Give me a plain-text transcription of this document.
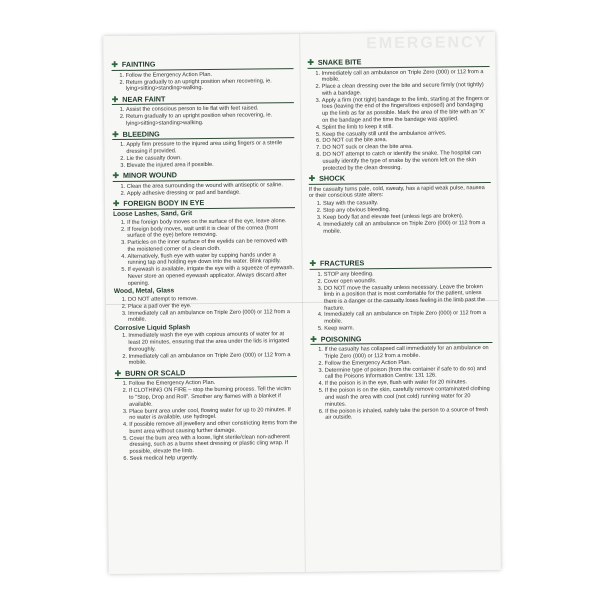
EMERGENCY
✚ FAINTING
1. Follow the Emergency Action Plan.
2. Return gradually to an upright position when recovering, ie. lying>sitting>standing>walking.
✚ NEAR FAINT
1. Assist the conscious person to lie flat with feet raised.
2. Return gradually to an upright position when recovering, ie. lying>sitting>standing>walking.
✚ BLEEDING
1. Apply firm pressure to the injured area using fingers or a sterile dressing if provided.
2. Lie the casualty down.
3. Elevate the injured area if possible.
✚ MINOR WOUND
1. Clean the area surrounding the wound with antiseptic or saline.
2. Apply adhesive dressing or pad and bandage.
✚ FOREIGN BODY IN EYE
Loose Lashes, Sand, Grit
1. If the foreign body moves on the surface of the eye, leave alone.
2. If foreign body moves, wait until it is clear of the cornea (front surface of the eye) before removing.
3. Particles on the inner surface of the eyelids can be removed with the moistened corner of a clean cloth.
4. Alternatively, flush eye with water by cupping hands under a running tap and holding eye down into the water. Blink rapidly.
5. If eyewash is available, irrigate the eye with a squeeze of eyewash. Never store an opened eyewash applicator. Always discard after opening.
Wood, Metal, Glass
1. DO NOT attempt to remove.
2. Place a pad over the eye.
3. Immediately call an ambulance on Triple Zero (000) or 112 from a mobile.
Corrosive Liquid Splash
1. Immediately wash the eye with copious amounts of water for at least 20 minutes, ensuring that the area under the lids is irrigated thoroughly.
2. Immediately call an ambulance on Triple Zero (000) or 112 from a mobile.
✚ BURN OR SCALD
1. Follow the Emergency Action Plan.
2. If CLOTHING ON FIRE – stop the burning process. Tell the victim to "Stop, Drop and Roll". Smother any flames with a blanket if available.
3. Place burnt area under cool, flowing water for up to 20 minutes. If no water is available, use hydrogel.
4. If possible remove all jewellery and other constricting items from the burnt area without causing further damage.
5. Cover the burn area with a loose, light sterile/clean non-adherent dressing, such as a burns sheet dressing or plastic cling wrap. If possible, elevate the limb.
6. Seek medical help urgently.
✚ SNAKE BITE
1. Immediately call an ambulance on Triple Zero (000) or 112 from a mobile.
2. Place a clean dressing over the bite and secure firmly (not tightly) with a bandage.
3. Apply a firm (not tight) bandage to the limb, starting at the fingers or toes (leaving the end of the fingers/toes exposed) and bandaging up the limb as far as possible. Mark the area of the bite with an 'X' on the bandage and the time the bandage was applied.
4. Splint the limb to keep it still.
5. Keep the casualty still until the ambulance arrives.
6. DO NOT cut the bite area.
7. DO NOT suck or clean the bite area.
8. DO NOT attempt to catch or identify the snake. The hospital can usually identify the type of snake by the venom left on the skin protected by the clean dressing.
✚ SHOCK

If the casualty turns pale, cold, sweaty, has a rapid weak pulse, nausea or their conscious state alters:

1. Stay with the casualty.
2. Stop any obvious bleeding.
3. Keep body flat and elevate feet (unless legs are broken).
4. Immediately call an ambulance on Triple Zero (000) or 112 from a mobile.
✚ FRACTURES
1. STOP any bleeding.
2. Cover open wound/s.
3. DO NOT move the casualty unless necessary. Leave the broken limb in a position that is most comfortable for the patient, unless there is a danger or the casualty loses feeling in the limb past the fracture.
4. Immediately call an ambulance on Triple Zero (000) or 112 from a mobile.
5. Keep warm.
✚ POISONING
1. If the casualty has collapsed call immediately for an ambulance on Triple Zero (000) or 112 from a mobile.
2. Follow the Emergency Action Plan.
3. Determine type of poison (from the container if safe to do so) and call the Poisons Information Centre: 131 126.
4. If the poison is in the eye, flush with water for 20 minutes.
5. If the poison is on the skin, carefully remove contaminated clothing and wash the area with cool (not cold) running water for 20 minutes.
6. If the poison is inhaled, safely take the person to a source of fresh air outside.
